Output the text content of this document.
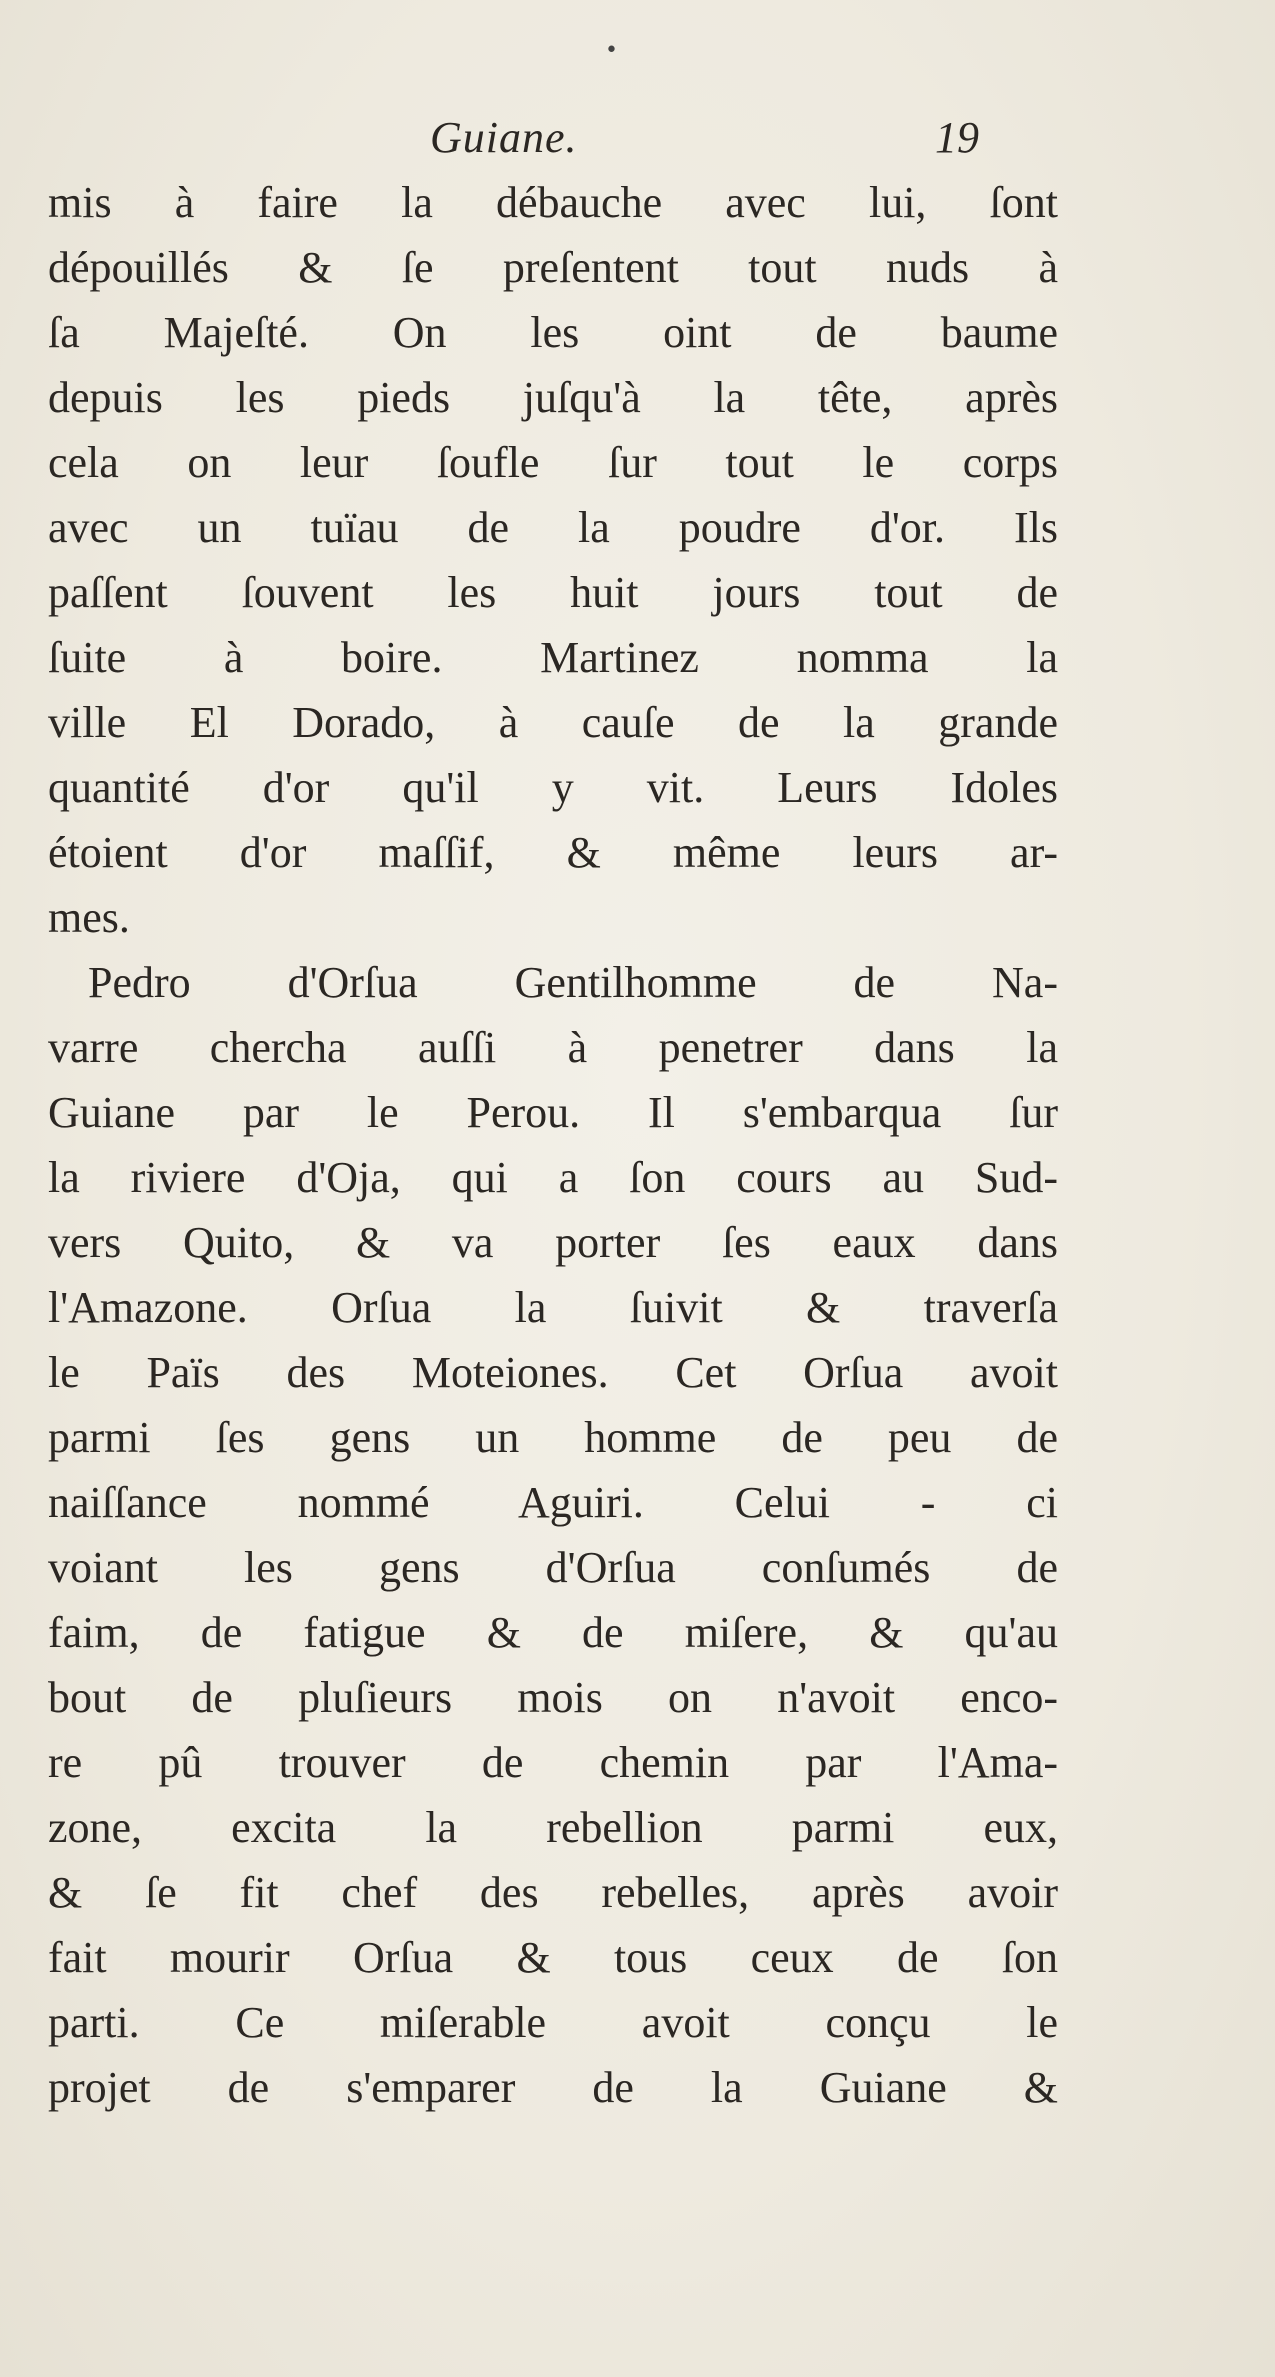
•
Guiane.	19
mis à faire la débauche avec lui, ſont
dépouillés & ſe preſentent tout nuds à
ſa Majeſté. On les oint de baume
depuis les pieds juſqu'à la tête, après
cela on leur ſoufle ſur tout le corps
avec un tuïau de la poudre d'or. Ils
paſſent ſouvent les huit jours tout de
ſuite à boire. Martinez nomma la
ville El Dorado, à cauſe de la grande
quantité d'or qu'il y vit. Leurs Idoles
étoient d'or maſſif, & même leurs ar-
mes.
Pedro d'Orſua Gentilhomme de Na-
varre chercha auſſi à penetrer dans la
Guiane par le Perou. Il s'embarqua ſur
la riviere d'Oja, qui a ſon cours au Sud-
vers Quito, & va porter ſes eaux dans
l'Amazone. Orſua la ſuivit & traverſa
le Païs des Moteiones. Cet Orſua avoit
parmi ſes gens un homme de peu de
naiſſance nommé Aguiri. Celui - ci
voiant les gens d'Orſua conſumés de
faim, de fatigue & de miſere, & qu'au
bout de pluſieurs mois on n'avoit enco-
re pû trouver de chemin par l'Ama-
zone, excita la rebellion parmi eux,
& ſe fit chef des rebelles, après avoir
fait mourir Orſua & tous ceux de ſon
parti. Ce miſerable avoit conçu le
projet de s'emparer de la Guiane &
